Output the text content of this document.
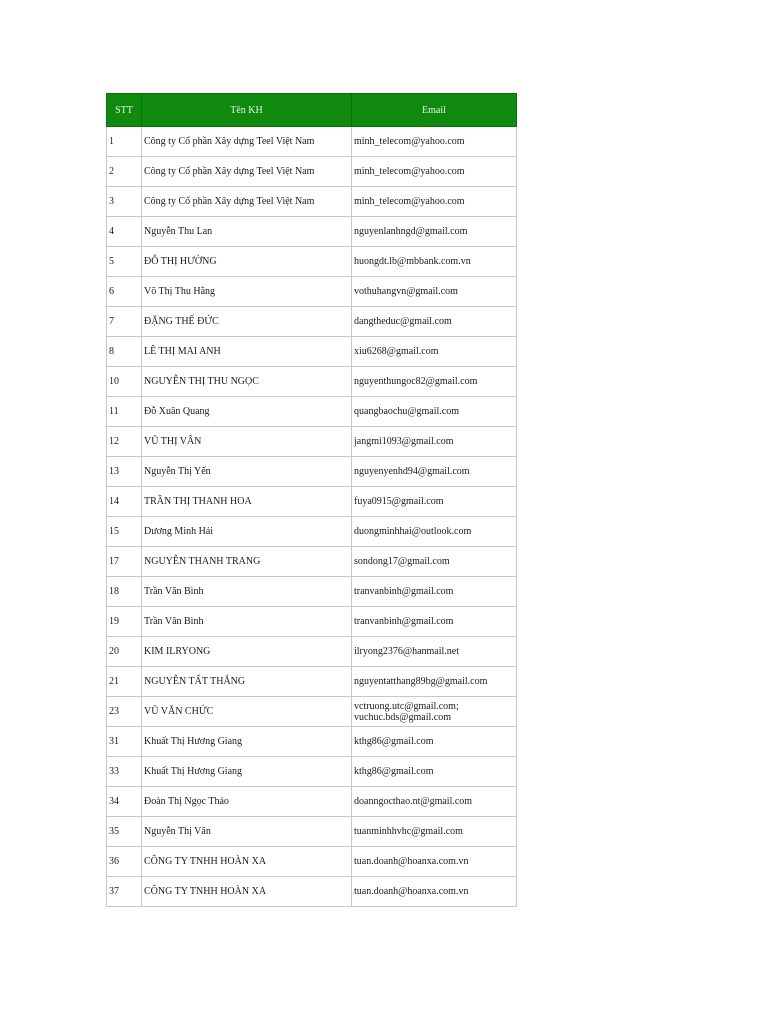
STT	Tên KH	Email
1	Công ty Cổ phần Xây dựng Teel Việt Nam	minh_telecom@yahoo.com
2	Công ty Cổ phần Xây dựng Teel Việt Nam	minh_telecom@yahoo.com
3	Công ty Cổ phần Xây dựng Teel Việt Nam	minh_telecom@yahoo.com
4	Nguyễn Thu Lan	nguyenlanhngd@gmail.com
5	ĐỖ THỊ HƯỜNG	huongdt.lb@mbbank.com.vn
6	Võ Thị Thu Hằng	vothuhangvn@gmail.com
7	ĐẶNG THẾ ĐỨC	dangtheduc@gmail.com
8	LÊ THỊ MAI ANH	xiu6268@gmail.com
10	NGUYỄN THỊ THU NGỌC	nguyenthungoc82@gmail.com
11	Đỗ Xuân Quang	quangbaochu@gmail.com
12	VŨ THỊ VÂN	jangmi1093@gmail.com
13	Nguyễn Thị Yến	nguyenyenhd94@gmail.com
14	TRẦN THỊ THANH HOA	fuya0915@gmail.com
15	Dương Minh Hải	duongminhhai@outlook.com
17	NGUYỄN THANH TRANG	sondong17@gmail.com
18	Trần Văn Bình	tranvanbinh@gmail.com
19	Trần Văn Bình	tranvanbinh@gmail.com
20	KIM ILRYONG	ilryong2376@hanmail.net
21	NGUYỄN TẤT THẮNG	nguyentatthang89bg@gmail.com
23	VŨ VĂN CHỨC	vctruong.utc@gmail.com;
vuchuc.bds@gmail.com
31	Khuất Thị Hương Giang	kthg86@gmail.com
33	Khuất Thị Hương Giang	kthg86@gmail.com
34	Đoàn Thị Ngọc Thảo	doanngocthao.nt@gmail.com
35	Nguyễn Thị Vân	tuanminhhvhc@gmail.com
36	CÔNG TY TNHH HOÀN XA	tuan.doanh@hoanxa.com.vn
37	CÔNG TY TNHH HOÀN XA	tuan.doanh@hoanxa.com.vn
